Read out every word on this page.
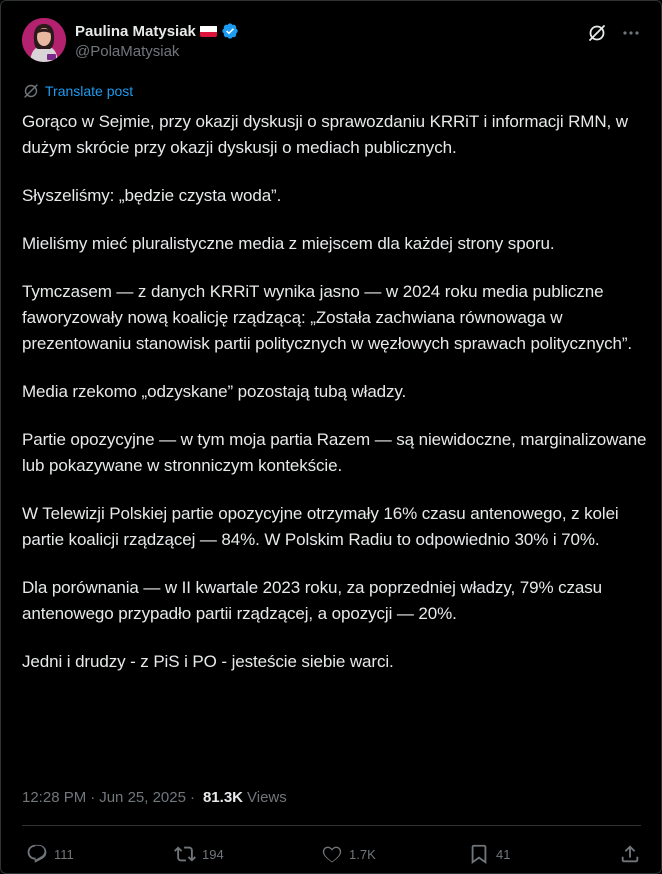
Paulina Matysiak
@PolaMatysiak
Translate post

Gorąco w Sejmie, przy okazji dyskusji o sprawozdaniu KRRiT i informacji RMN, w dużym skrócie przy okazji dyskusji o mediach publicznych.

Słyszeliśmy: „będzie czysta woda”.

Mieliśmy mieć pluralistyczne media z miejscem dla każdej strony sporu.

Tymczasem — z danych KRRiT wynika jasno — w 2024 roku media publiczne faworyzowały nową koalicję rządzącą: „Została zachwiana równowaga w prezentowaniu stanowisk partii politycznych w węzłowych sprawach politycznych”.

Media rzekomo „odzyskane” pozostają tubą władzy.

Partie opozycyjne — w tym moja partia Razem — są niewidoczne, marginalizowane lub pokazywane w stronniczym kontekście.

W Telewizji Polskiej partie opozycyjne otrzymały 16% czasu antenowego, z kolei partie koalicji rządzącej — 84%. W Polskim Radiu to odpowiednio 30% i 70%.

Dla porównania — w II kwartale 2023 roku, za poprzedniej władzy, 79% czasu antenowego przypadło partii rządzącej, a opozycji — 20%.

Jedni i drudzy - z PiS i PO - jesteście siebie warci.

12:28 PM · Jun 25, 2025 · 81.3K Views
111	194	1.7K	41
